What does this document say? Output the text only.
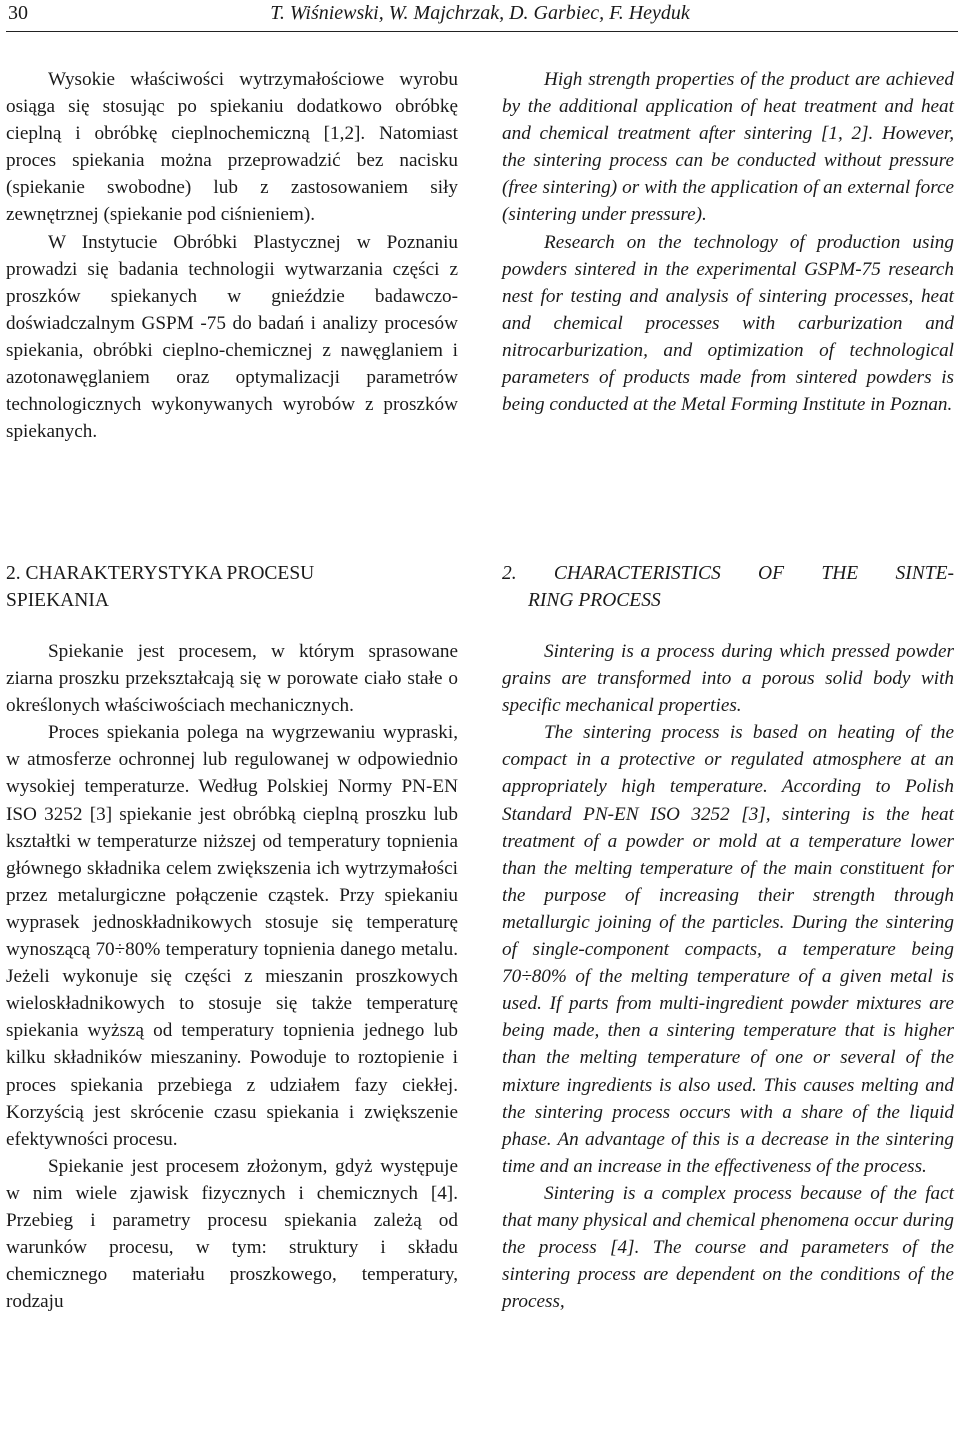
30	T. Wiśniewski, W. Majchrzak, D. Garbiec, F. Heyduk

Wysokie właściwości wytrzymałościowe wyrobu osiąga się stosując po spiekaniu dodatkowo obróbkę cieplną i obróbkę cieplnochemiczną [1,2]. Natomiast proces spiekania można przeprowadzić bez nacisku (spiekanie swobodne) lub z zastosowaniem siły zewnętrznej (spiekanie pod ciśnieniem).

W Instytucie Obróbki Plastycznej w Poznaniu prowadzi się badania technologii wytwarzania części z proszków spiekanych w gnieździe badawczo-doświadczalnym GSPM -75 do badań i analizy procesów spiekania, obróbki cieplno-chemicznej z nawęglaniem i azotonawęglaniem oraz optymalizacji parametrów technologicznych wykonywanych wyrobów z proszków spiekanych.

High strength properties of the product are achieved by the additional application of heat treatment and heat and chemical treatment after sintering [1, 2]. However, the sintering process can be conducted without pressure (free sintering) or with the application of an external force (sintering under pressure).

Research on the technology of production using powders sintered in the experimental GSPM-75 research nest for testing and analysis of sintering processes, heat and chemical processes with carburization and nitrocarburization, and optimization of technological parameters of products made from sintered powders is being conducted at the Metal Forming Institute in Poznan.

2. CHARAKTERYSTYKA PROCESU
SPIEKANIA
2. CHARACTERISTICS OF THE SINTE-
RING PROCESS

Spiekanie jest procesem, w którym sprasowane ziarna proszku przekształcają się w porowate ciało stałe o określonych właściwościach mechanicznych.

Proces spiekania polega na wygrzewaniu wypraski, w atmosferze ochronnej lub regulowanej w odpowiednio wysokiej temperaturze. Według Polskiej Normy PN-EN ISO 3252 [3] spiekanie jest obróbką cieplną proszku lub kształtki w temperaturze niższej od temperatury topnienia głównego składnika celem zwiększenia ich wytrzymałości przez metalurgiczne połączenie cząstek. Przy spiekaniu wyprasek jednoskładnikowych stosuje się temperaturę wynoszącą 70÷80% temperatury topnienia danego metalu. Jeżeli wykonuje się części z mieszanin proszkowych wieloskładnikowych to stosuje się także temperaturę spiekania wyższą od temperatury topnienia jednego lub kilku składników mieszaniny. Powoduje to roztopienie i proces spiekania przebiega z udziałem fazy ciekłej. Korzyścią jest skrócenie czasu spiekania i zwiększenie efektywności procesu.

Spiekanie jest procesem złożonym, gdyż występuje w nim wiele zjawisk fizycznych i chemicznych [4]. Przebieg i parametry procesu spiekania zależą od warunków procesu, w tym: struktury i składu chemicznego materiału proszkowego, temperatury, rodzaju

Sintering is a process during which pressed powder grains are transformed into a porous solid body with specific mechanical properties.

The sintering process is based on heating of the compact in a protective or regulated atmosphere at an appropriately high temperature. According to Polish Standard PN-EN ISO 3252 [3], sintering is the heat treatment of a powder or mold at a temperature lower than the melting temperature of the main constituent for the purpose of increasing their strength through metallurgic joining of the particles. During the sintering of single-component compacts, a temperature being 70÷80% of the melting temperature of a given metal is used. If parts from multi-ingredient powder mixtures are being made, then a sintering temperature that is higher than the melting temperature of one or several of the mixture ingredients is also used. This causes melting and the sintering process occurs with a share of the liquid phase. An advantage of this is a decrease in the sintering time and an increase in the effectiveness of the process.

Sintering is a complex process because of the fact that many physical and chemical phenomena occur during the process [4]. The course and parameters of the sintering process are dependent on the conditions of the process,
